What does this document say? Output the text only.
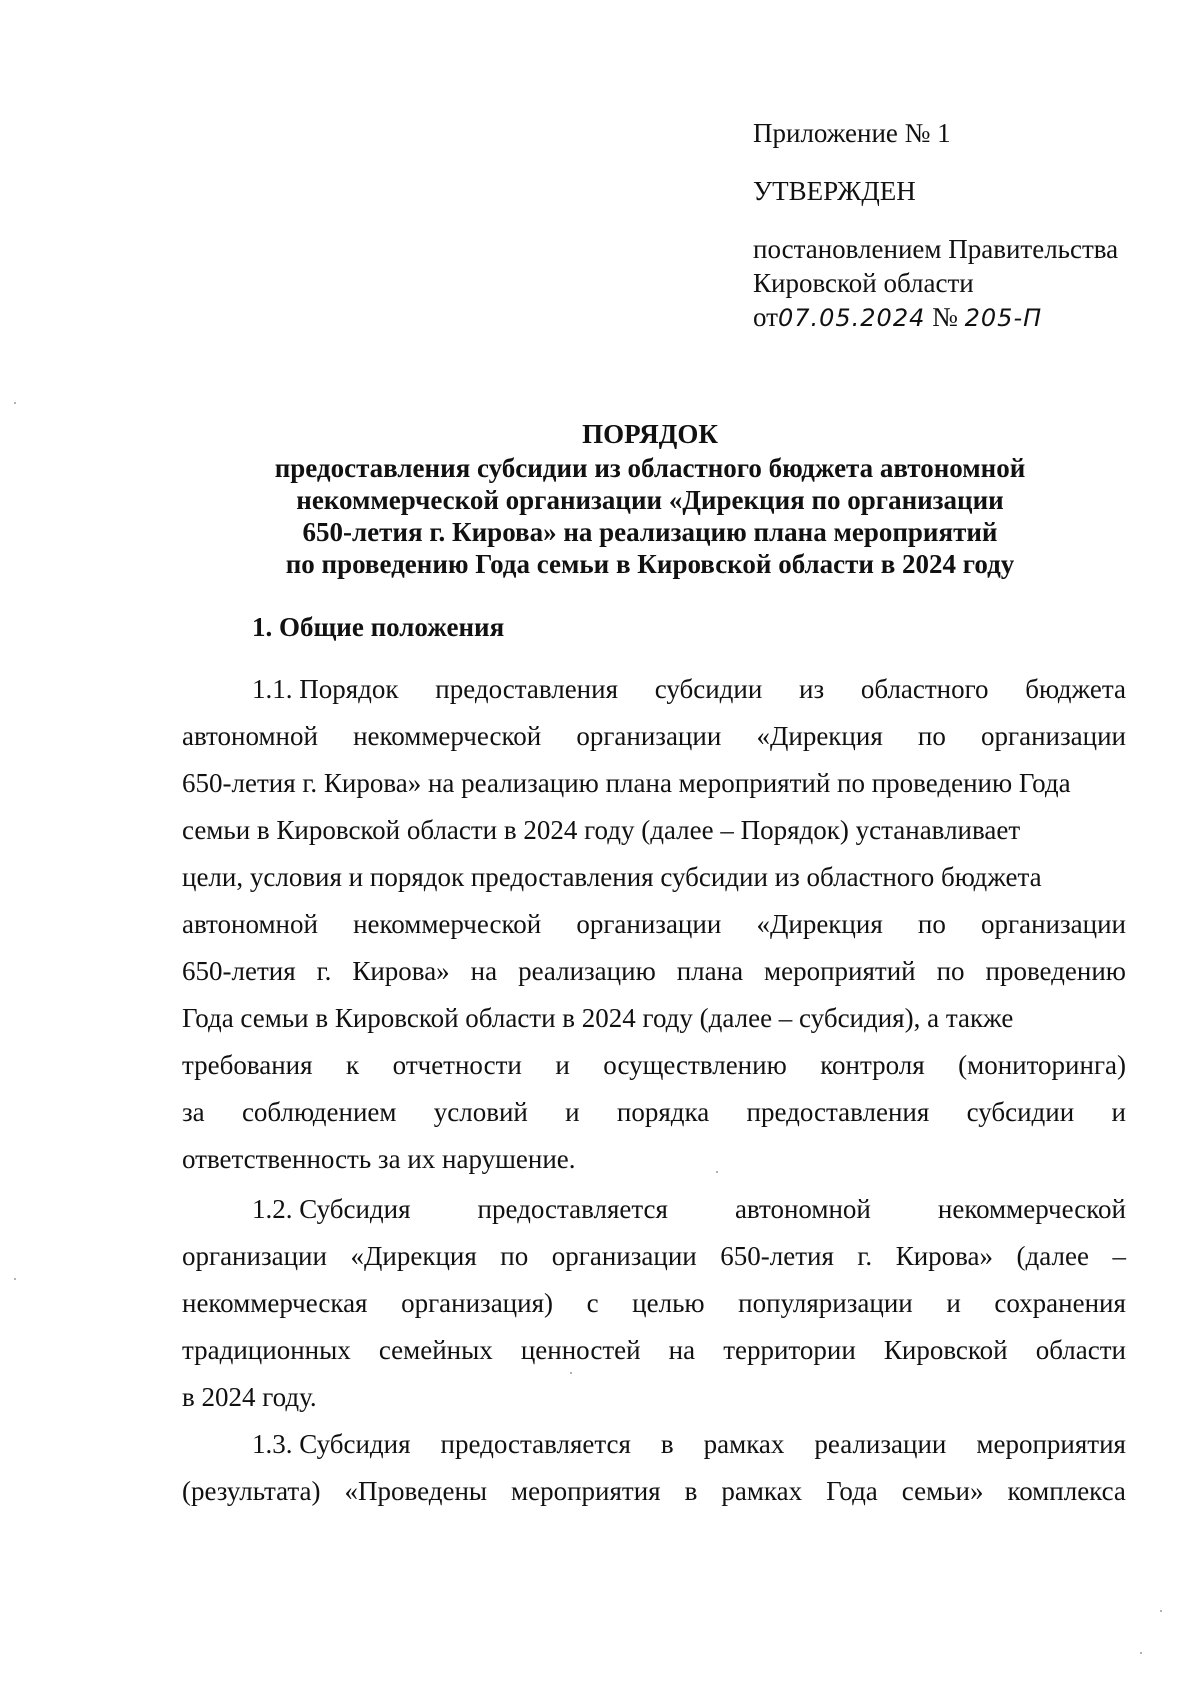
Приложение № 1
УТВЕРЖДЕН
постановлением Правительства
Кировской области
от07.05.2024 № 205-П
ПОРЯДОК
предоставления субсидии из областного бюджета автономной
некоммерческой организации «Дирекция по организации
650-летия г. Кирова» на реализацию плана мероприятий
по проведению Года семьи в Кировской области в 2024 году
1. Общие положения
1.1. Порядок предоставления субсидии из областного бюджета
автономной некоммерческой организации «Дирекция по организации
650-летия г. Кирова» на реализацию плана мероприятий по проведению Года
семьи в Кировской области в 2024 году (далее – Порядок) устанавливает
цели, условия и порядок предоставления субсидии из областного бюджета
автономной некоммерческой организации «Дирекция по организации
650-летия г. Кирова» на реализацию плана мероприятий по проведению
Года семьи в Кировской области в 2024 году (далее – субсидия), а также
требования к отчетности и осуществлению контроля (мониторинга)
за соблюдением условий и порядка предоставления субсидии и
ответственность за их нарушение.
1.2. Субсидия предоставляется автономной некоммерческой
организации «Дирекция по организации 650-летия г. Кирова» (далее –
некоммерческая организация) с целью популяризации и сохранения
традиционных семейных ценностей на территории Кировской области
в 2024 году.
1.3. Субсидия предоставляется в рамках реализации мероприятия
(результата) «Проведены мероприятия в рамках Года семьи» комплекса
